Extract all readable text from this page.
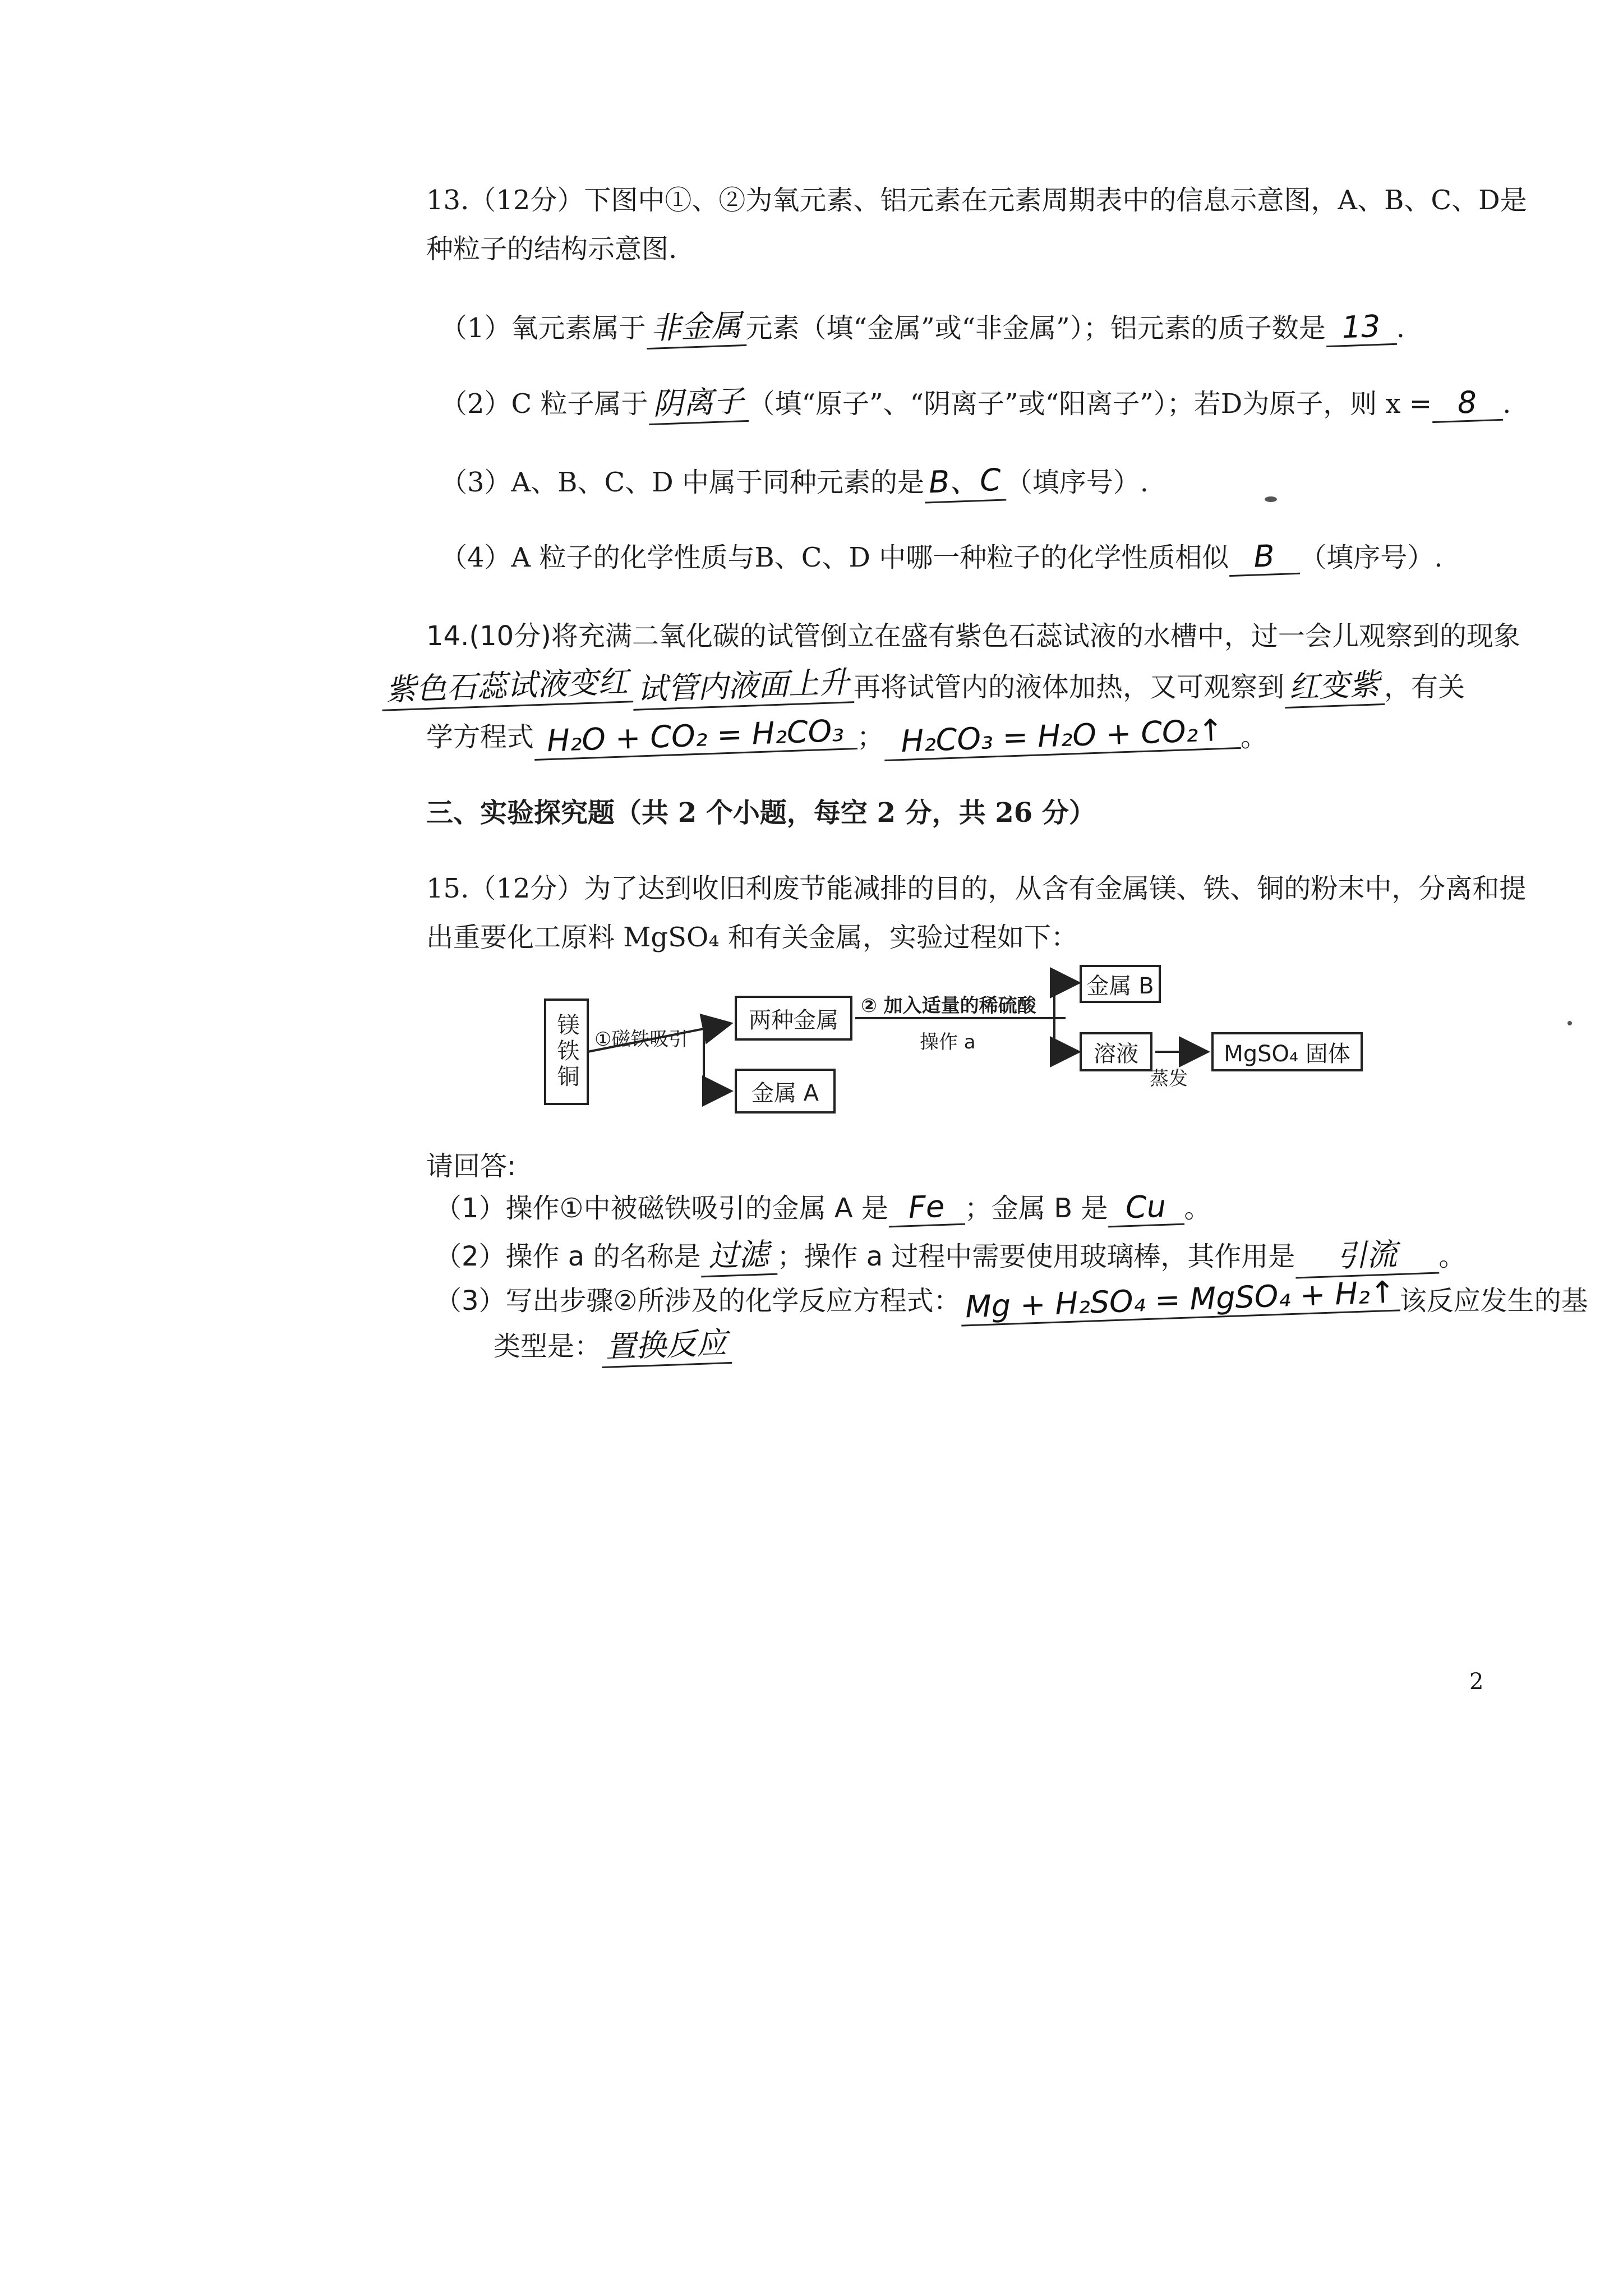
13.（12分）下图中①、②为氧元素、铝元素在元素周期表中的信息示意图，A、B、C、D是
种粒子的结构示意图.
（1）氧元素属于 非金属 元素（填“金属”或“非金属”）；铝元素的质子数是 13 .
（2）C 粒子属于 阴离子 （填“原子”、“阴离子”或“阳离子”）；若D为原子，则 x = 8 .
（3）A、B、C、D 中属于同种元素的是 B、C （填序号）.
（4）A 粒子的化学性质与B、C、D 中哪一种粒子的化学性质相似 B （填序号）.
14.(10分)将充满二氧化碳的试管倒立在盛有紫色石蕊试液的水槽中，过一会儿观察到的现象
紫色石蕊试液变红 试管内液面上升 再将试管内的液体加热，又可观察到 红变紫 ，有关
学方程式 H₂O + CO₂ = H₂CO₃ ； H₂CO₃ = H₂O + CO₂↑ 。
三、实验探究题（共 2 个小题，每空 2 分，共 26 分）
15.（12分）为了达到收旧利废节能减排的目的，从含有金属镁、铁、铜的粉末中，分离和提
出重要化工原料 MgSO₄ 和有关金属，实验过程如下：
镁铁铜 ①磁铁吸引
两种金属
金属 A
② 加入适量的稀硫酸
操作 a
金属 B
溶液
蒸发
MgSO₄ 固体
请回答:
（1）操作①中被磁铁吸引的金属 A 是 Fe ；金属 B 是 Cu 。
（2）操作 a 的名称是 过滤 ；操作 a 过程中需要使用玻璃棒，其作用是 引流 。
（3）写出步骤②所涉及的化学反应方程式： Mg + H₂SO₄ = MgSO₄ + H₂↑ 该反应发生的基
类型是： 置换反应
2
